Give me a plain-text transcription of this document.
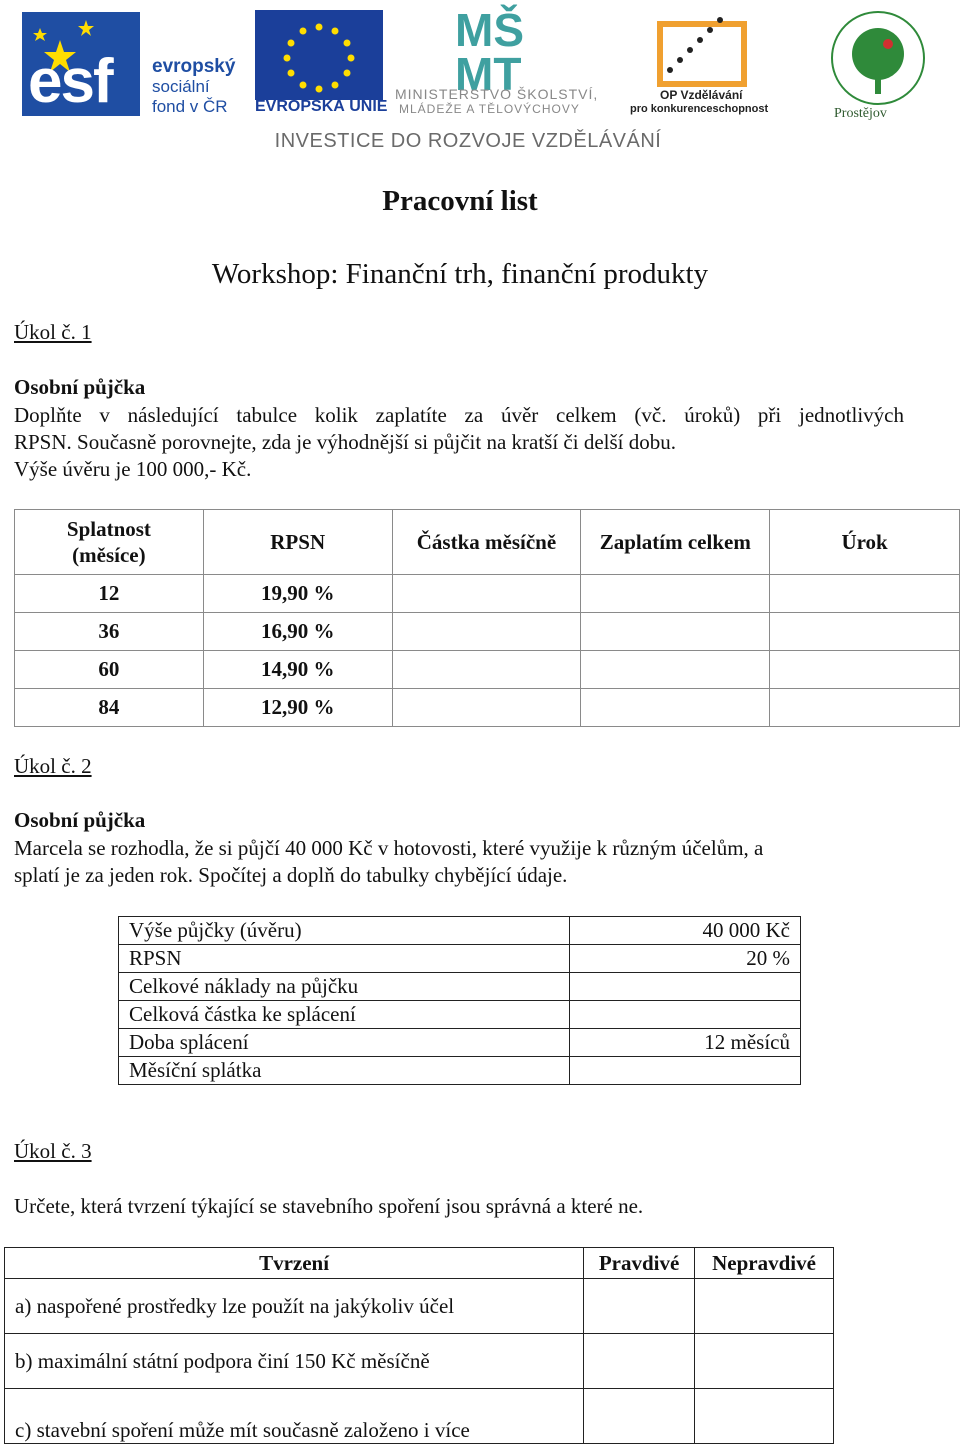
esf evropský
sociální
fond v ČR EVROPSKÁ UNIE
MŠ
MT
MINISTERSTVO ŠKOLSTVÍ,
MLÁDEŽE A TĚLOVÝCHOVY
OP Vzdělávání
pro konkurenceschopnost	Prostějov
INVESTICE DO ROZVOJE VZDĚLÁVÁNÍ
Pracovní list
Workshop: Finanční trh, finanční produkty
Úkol č. 1
Osobní půjčka
Doplňte v následující tabulce kolik zaplatíte za úvěr celkem (vč. úroků) při jednotlivých
RPSN. Současně porovnejte, zda je výhodnější si půjčit na kratší či delší dobu.
Výše úvěru je 100 000,- Kč.
Splatnost
(měsíce)	RPSN	Částka měsíčně	Zaplatím celkem	Úrok
12	19,90 %			
36	16,90 %			
60	14,90 %			
84	12,90 %			
Úkol č. 2
Osobní půjčka
Marcela se rozhodla, že si půjčí 40 000 Kč v hotovosti, které využije k různým účelům, a
splatí je za jeden rok. Spočítej a doplň do tabulky chybějící údaje.
Výše půjčky (úvěru)	40 000 Kč
RPSN	20 %
Celkové náklady na půjčku	
Celková částka ke splácení	
Doba splácení	12 měsíců
Měsíční splátka	
Úkol č. 3
Určete, která tvrzení týkající se stavebního spoření jsou správná a které ne.
Tvrzení	Pravdivé	Nepravdivé
a) naspořené prostředky lze použít na jakýkoliv účel		
b) maximální státní podpora činí 150 Kč měsíčně		
c) stavební spoření může mít současně založeno i více		
